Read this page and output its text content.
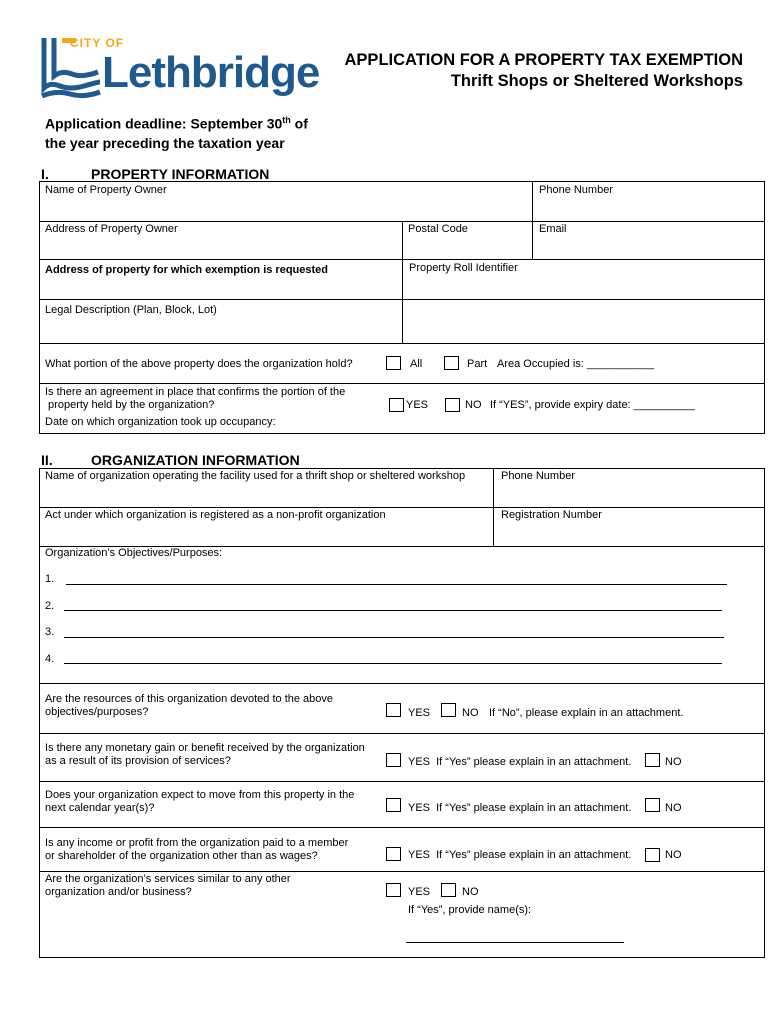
CITY OF
Lethbridge APPLICATION FOR A PROPERTY TAX EXEMPTION
Thrift Shops or Sheltered Workshops
Application deadline: September 30th of
the year preceding the taxation year
I.	PROPERTY INFORMATION
Name of Property Owner	Phone Number
Address of Property Owner	Postal Code	Email
Address of property for which exemption is requested	Property Roll Identifier
Legal Description (Plan, Block, Lot)
What portion of the above property does the organization hold?	All	Part Area Occupied is: ___________
Is there an agreement in place that confirms the portion of the
property held by the organization?	YES	NO If “YES”, provide expiry date: __________
Date on which organization took up occupancy:
II.	ORGANIZATION INFORMATION
Name of organization operating the facility used for a thrift shop or sheltered workshop	Phone Number
Act under which organization is registered as a non-profit organization	Registration Number
Organization’s Objectives/Purposes:
1.
2.
3.
4.
Are the resources of this organization devoted to the above
objectives/purposes?	YES	NO If “No”, please explain in an attachment.
Is there any monetary gain or benefit received by the organization
as a result of its provision of services?	YES  If “Yes” please explain in an attachment.	NO
Does your organization expect to move from this property in the
next calendar year(s)?	YES  If “Yes” please explain in an attachment.	NO
Is any income or profit from the organization paid to a member
or shareholder of the organization other than as wages?	YES  If “Yes” please explain in an attachment.	NO
Are the organization’s services similar to any other
organization and/or business?	YES	NO
If “Yes”, provide name(s):
